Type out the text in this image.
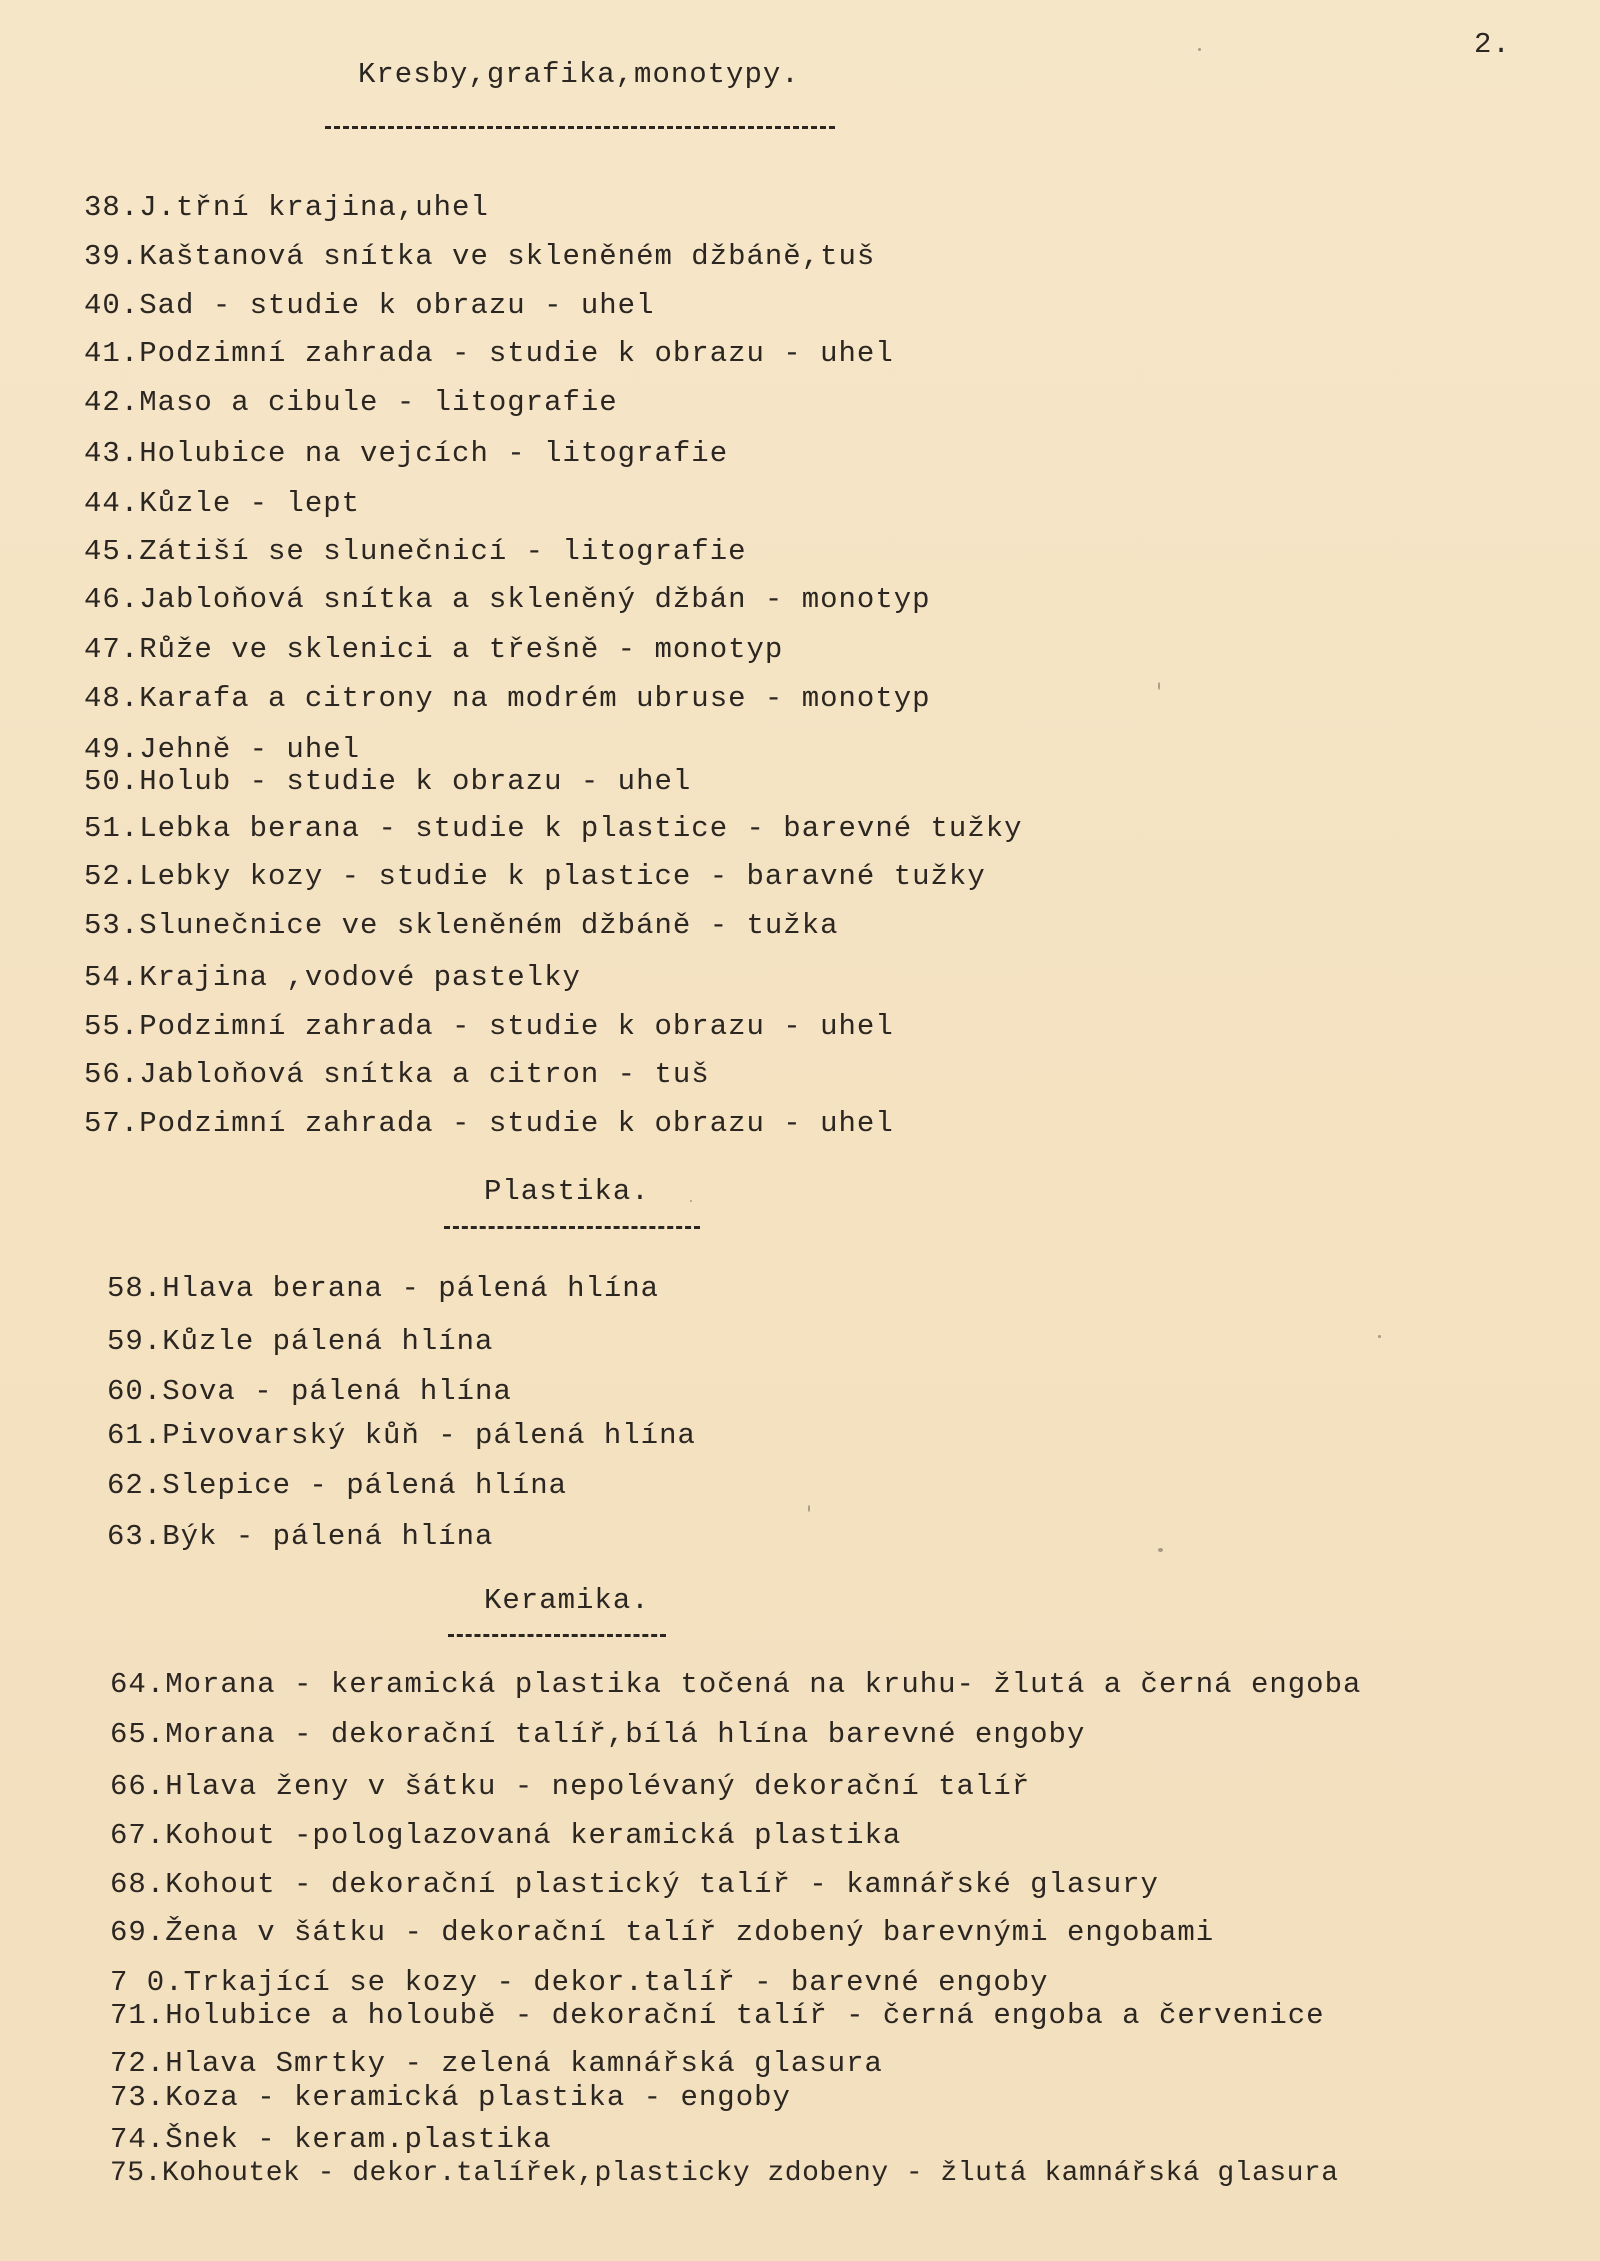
2.
Kresby,grafika,monotypy.
38.J.třní krajina,uhel
39.Kaštanová snítka ve skleněném džbáně,tuš
40.Sad - studie k obrazu - uhel
41.Podzimní zahrada - studie k obrazu - uhel
42.Maso a cibule - litografie
43.Holubice na vejcích - litografie
44.Kůzle - lept
45.Zátiší se slunečnicí - litografie
46.Jabloňová snítka a skleněný džbán - monotyp
47.Růže ve sklenici a třešně - monotyp
48.Karafa a citrony na modrém ubruse - monotyp
49.Jehně - uhel
50.Holub - studie k obrazu - uhel
51.Lebka berana - studie k plastice - barevné tužky
52.Lebky kozy - studie k plastice - baravné tužky
53.Slunečnice ve skleněném džbáně - tužka
54.Krajina ,vodové pastelky
55.Podzimní zahrada - studie k obrazu - uhel
56.Jabloňová snítka a citron - tuš
57.Podzimní zahrada - studie k obrazu - uhel
Plastika.
58.Hlava berana - pálená hlína
59.Kůzle pálená hlína
60.Sova - pálená hlína
61.Pivovarský kůň - pálená hlína
62.Slepice - pálená hlína
63.Býk - pálená hlína
Keramika.
64.Morana - keramická plastika točená na kruhu- žlutá a černá engoba
65.Morana - dekorační talíř,bílá hlína barevné engoby
66.Hlava ženy v šátku - nepolévaný dekorační talíř
67.Kohout -pologlazovaná keramická plastika
68.Kohout - dekorační plastický talíř - kamnářské glasury
69.Žena v šátku - dekorační talíř zdobený barevnými engobami
7 0.Trkající se kozy - dekor.talíř - barevné engoby
71.Holubice a holoubě - dekorační talíř - černá engoba a červenice
72.Hlava Smrtky - zelená kamnářská glasura
73.Koza - keramická plastika - engoby
74.Šnek - keram.plastika
75.Kohoutek - dekor.talířek,plasticky zdobeny - žlutá kamnářská glasura
